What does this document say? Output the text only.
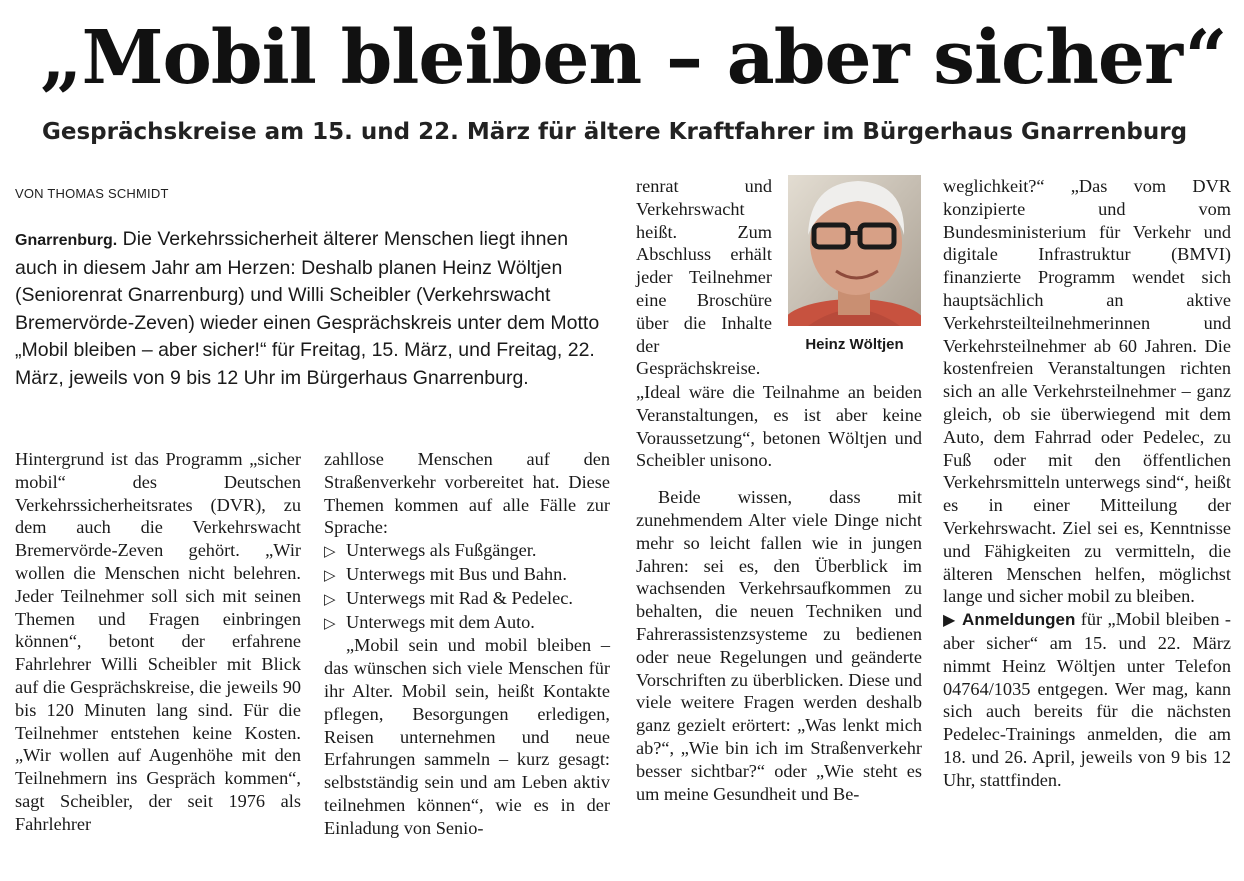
„Mobil bleiben – aber sicher“
Gesprächskreise am 15. und 22. März für ältere Kraftfahrer im Bürgerhaus Gnarrenburg
VON THOMAS SCHMIDT
Gnarrenburg. Die Verkehrssicherheit älterer Menschen liegt ihnen auch in diesem Jahr am Herzen: Deshalb planen Heinz Wöltjen (Seniorenrat Gnarrenburg) und Willi Scheibler (Verkehrswacht Bremervörde-Zeven) wieder einen Gesprächskreis unter dem Motto „Mobil bleiben – aber sicher!“ für Freitag, 15. März, und Freitag, 22. März, jeweils von 9 bis 12 Uhr im Bürgerhaus Gnarrenburg.

Hintergrund ist das Programm „sicher mobil“ des Deutschen Verkehrssicherheitsrates (DVR), zu dem auch die Verkehrswacht Bremervörde-Zeven gehört. „Wir wollen die Menschen nicht belehren. Jeder Teilnehmer soll sich mit seinen Themen und Fragen einbringen können“, betont der erfahrene Fahrlehrer Willi Scheibler mit Blick auf die Gesprächskreise, die jeweils 90 bis 120 Minuten lang sind. Für die Teilnehmer entstehen keine Kosten. „Wir wollen auf Augenhöhe mit den Teilnehmern ins Gespräch kommen“, sagt Scheibler, der seit 1976 als Fahrlehrer

zahllose Menschen auf den Straßenverkehr vorbereitet hat. Diese Themen kommen auf alle Fälle zur Sprache:

▷ Unterwegs als Fußgänger.
▷ Unterwegs mit Bus und Bahn.
▷ Unterwegs mit Rad & Pedelec.
▷ Unterwegs mit dem Auto.

„Mobil sein und mobil bleiben – das wünschen sich viele Menschen für ihr Alter. Mobil sein, heißt Kontakte pflegen, Besorgungen erledigen, Reisen unternehmen und neue Erfahrungen sammeln – kurz gesagt: selbstständig sein und am Leben aktiv teilnehmen können“, wie es in der Einladung von Senio-

renrat und Verkehrswacht heißt. Zum Abschluss erhält jeder Teilnehmer eine Broschüre über die Inhalte der Gesprächskreise.

Heinz Wöltjen

„Ideal wäre die Teilnahme an beiden Veranstaltungen, es ist aber keine Voraussetzung“, betonen Wöltjen und Scheibler unisono.

Beide wissen, dass mit zunehmendem Alter viele Dinge nicht mehr so leicht fallen wie in jungen Jahren: sei es, den Überblick im wachsenden Verkehrsaufkommen zu behalten, die neuen Techniken und Fahrerassistenzsysteme zu bedienen oder neue Regelungen und geänderte Vorschriften zu überblicken. Diese und viele weitere Fragen werden deshalb ganz gezielt erörtert: „Was lenkt mich ab?“, „Wie bin ich im Straßenverkehr besser sichtbar?“ oder „Wie steht es um meine Gesundheit und Be-

weglichkeit?“ „Das vom DVR konzipierte und vom Bundesministerium für Verkehr und digitale Infrastruktur (BMVI) finanzierte Programm wendet sich hauptsächlich an aktive Verkehrsteilteilnehmerinnen und Verkehrsteilnehmer ab 60 Jahren. Die kostenfreien Veranstaltungen richten sich an alle Verkehrsteilnehmer – ganz gleich, ob sie überwiegend mit dem Auto, dem Fahrrad oder Pedelec, zu Fuß oder mit den öffentlichen Verkehrsmitteln unterwegs sind“, heißt es in einer Mitteilung der Verkehrswacht. Ziel sei es, Kenntnisse und Fähigkeiten zu vermitteln, die älteren Menschen helfen, möglichst lange und sicher mobil zu bleiben.

▶ Anmeldungen für „Mobil bleiben - aber sicher“ am 15. und 22. März nimmt Heinz Wöltjen unter Telefon 04764/1035 entgegen. Wer mag, kann sich auch bereits für die nächsten Pedelec-Trainings anmelden, die am 18. und 26. April, jeweils von 9 bis 12 Uhr, stattfinden.
